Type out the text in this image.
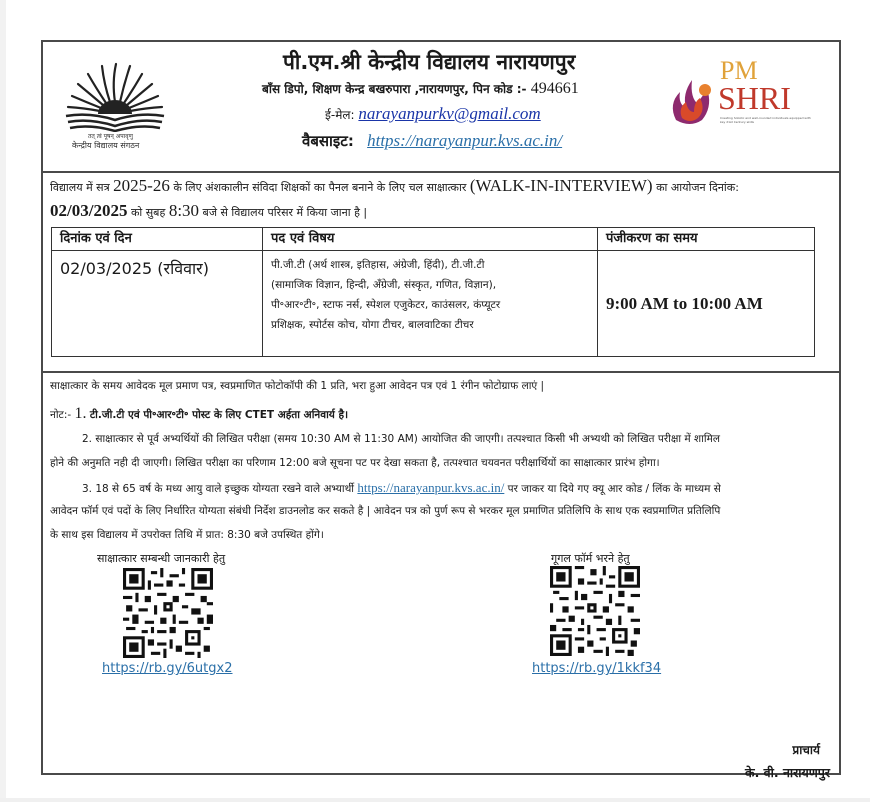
तत् त्वं पूषन् अपावृणु
केन्द्रीय विद्यालय संगठन
पी.एम.श्री केन्द्रीय विद्यालय नारायणपुर
बाँस डिपो, शिक्षण केन्द्र बखरुपारा ,नारायणपुर, पिन कोड :- 494661
ई-मेल: narayanpurkv@gmail.com
वैबसाइट: https://narayanpur.kvs.ac.in/
PM
SHRI
Creating holistic and well-rounded individuals equipped with key 21st Century skills
विद्यालय में सत्र 2025-26 के लिए अंशकालीन संविदा शिक्षकों का पैनल बनाने के लिए चल साक्षात्कार (WALK-IN-INTERVIEW) का आयोजन दिनांक:
02/03/2025 को सुबह 8:30 बजे से विद्यालय परिसर में किया जाना है |
दिनांक एवं दिन	पद एवं विषय	पंजीकरण का समय
02/03/2025 (रविवार)	पी.जी.टी (अर्थ शास्त्र, इतिहास, अंग्रेजी, हिंदी), टी.जी.टी
(सामाजिक विज्ञान, हिन्दी, अँग्रेजी, संस्कृत, गणित, विज्ञान),
पी॰आर॰टी॰, स्टाफ नर्स, स्पेशल एजुकेटर, काउंसलर, कंप्यूटर
प्रशिक्षक, स्पोर्टस कोच, योगा टीचर, बालवाटिका टीचर	9:00 AM to 10:00 AM
साक्षात्कार के समय आवेदक मूल प्रमाण पत्र, स्वप्रमाणित फोटोकॉपी की 1 प्रति, भरा हुआ आवेदन पत्र एवं 1 रंगीन फोटोग्राफ लाएं |
नोट:- 1. टी.जी.टी एवं पी॰आर॰टी॰ पोस्ट के लिए CTET अर्हता अनिवार्य है।
2. साक्षात्कार से पूर्व अभ्यर्थियों की लिखित परीक्षा (समय 10:30 AM से 11:30 AM) आयोजित की जाएगी। तत्पश्चात किसी भी अभ्यथी को लिखित परीक्षा में शामिल
होने की अनुमति नही दी जाएगी। लिखित परीक्षा का परिणाम 12:00 बजे सूचना पट पर देखा सकता है, तत्पश्चात चयवनत परीक्षार्थियों का साक्षात्कार प्रारंभ होगा।
3. 18 से 65 वर्ष के मध्य आयु वाले इच्छुक योग्यता रखने वाले अभ्यार्थी https://narayanpur.kvs.ac.in/ पर जाकर या दिये गए क्यू आर कोड / लिंक के माध्यम से
आवेदन फॉर्म एवं पदों के लिए निर्धारित योग्यता संबंधी निर्देश डाउनलोड कर सकते है | आवेदन पत्र को पुर्ण रूप से भरकर मूल प्रमाणित प्रतिलिपि के साथ एक स्वप्रमाणित प्रतिलिपि
के साथ इस विद्यालय में उपरोक्त तिथि में प्रात: 8:30 बजे उपस्थित होंगे।
साक्षात्कार सम्बन्धी जानकारी हेतु
https://rb.gy/6utgx2
गूगल फॉर्म भरने हेतु
https://rb.gy/1kkf34
प्राचार्य
के. वी. नारायणपुर
